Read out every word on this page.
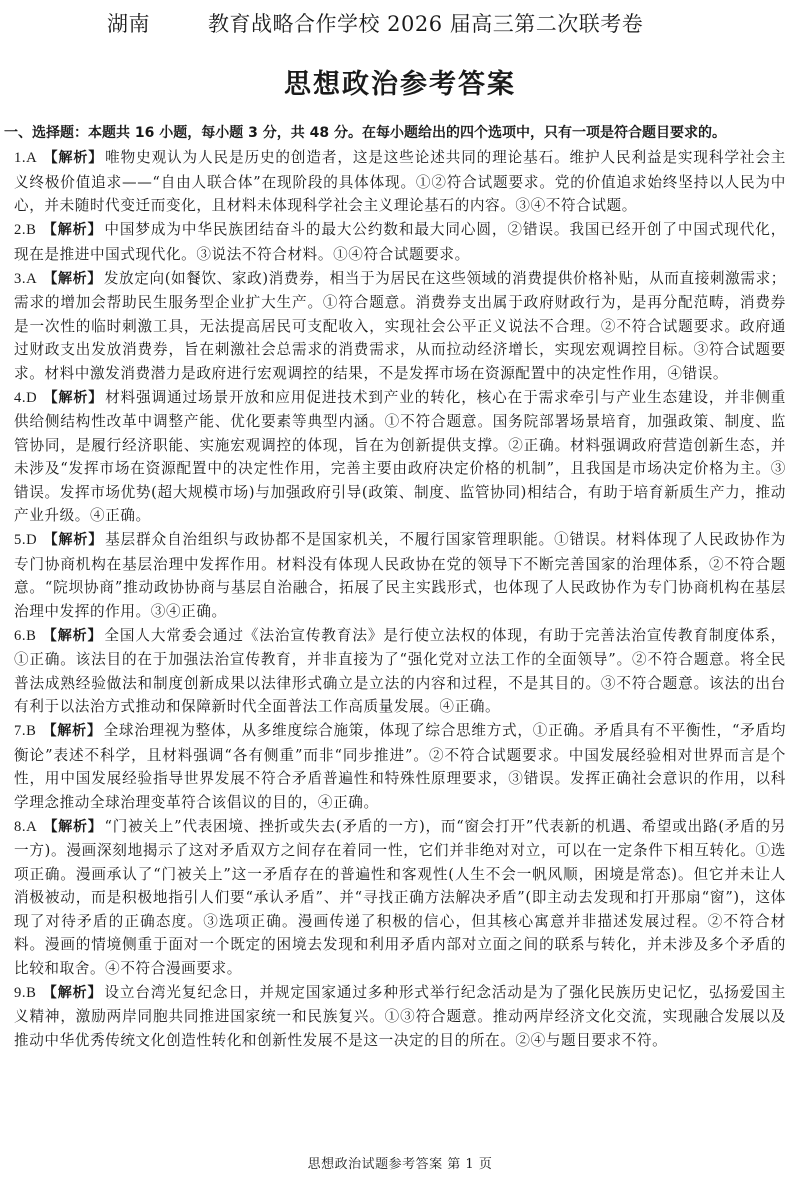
湖南	教育战略合作学校 2026 届高三第二次联考卷
思想政治参考答案
一、选择题：本题共 16 小题，每小题 3 分，共 48 分。在每小题给出的四个选项中，只有一项是符合题目要求的。

1.A 【解析】 唯物史观认为人民是历史的创造者，这是这些论述共同的理论基石。维护人民利益是实现科学社会主义终极价值追求——“自由人联合体”在现阶段的具体体现。①②符合试题要求。党的价值追求始终坚持以人民为中心，并未随时代变迁而变化，且材料未体现科学社会主义理论基石的内容。③④不符合试题。

2.B 【解析】 中国梦成为中华民族团结奋斗的最大公约数和最大同心圆，②错误。我国已经开创了中国式现代化，现在是推进中国式现代化。③说法不符合材料。①④符合试题要求。

3.A 【解析】 发放定向(如餐饮、家政)消费券，相当于为居民在这些领域的消费提供价格补贴，从而直接刺激需求；需求的增加会帮助民生服务型企业扩大生产。①符合题意。消费券支出属于政府财政行为，是再分配范畴，消费券是一次性的临时刺激工具，无法提高居民可支配收入，实现社会公平正义说法不合理。②不符合试题要求。政府通过财政支出发放消费券，旨在刺激社会总需求的消费需求，从而拉动经济增长，实现宏观调控目标。③符合试题要求。材料中激发消费潜力是政府进行宏观调控的结果，不是发挥市场在资源配置中的决定性作用，④错误。

4.D 【解析】 材料强调通过场景开放和应用促进技术到产业的转化，核心在于需求牵引与产业生态建设，并非侧重供给侧结构性改革中调整产能、优化要素等典型内涵。①不符合题意。国务院部署场景培育，加强政策、制度、监管协同，是履行经济职能、实施宏观调控的体现，旨在为创新提供支撑。②正确。材料强调政府营造创新生态，并未涉及“发挥市场在资源配置中的决定性作用，完善主要由政府决定价格的机制”，且我国是市场决定价格为主。③错误。发挥市场优势(超大规模市场)与加强政府引导(政策、制度、监管协同)相结合，有助于培育新质生产力，推动产业升级。④正确。

5.D 【解析】 基层群众自治组织与政协都不是国家机关，不履行国家管理职能。①错误。材料体现了人民政协作为专门协商机构在基层治理中发挥作用。材料没有体现人民政协在党的领导下不断完善国家的治理体系，②不符合题意。“院坝协商”推动政协协商与基层自治融合，拓展了民主实践形式，也体现了人民政协作为专门协商机构在基层治理中发挥的作用。③④正确。

6.B 【解析】 全国人大常委会通过《法治宣传教育法》是行使立法权的体现，有助于完善法治宣传教育制度体系，①正确。该法目的在于加强法治宣传教育，并非直接为了“强化党对立法工作的全面领导”。②不符合题意。将全民普法成熟经验做法和制度创新成果以法律形式确立是立法的内容和过程，不是其目的。③不符合题意。该法的出台有利于以法治方式推动和保障新时代全面普法工作高质量发展。④正确。

7.B 【解析】 全球治理视为整体，从多维度综合施策，体现了综合思维方式，①正确。矛盾具有不平衡性，“矛盾均衡论”表述不科学，且材料强调“各有侧重”而非“同步推进”。②不符合试题要求。中国发展经验相对世界而言是个性，用中国发展经验指导世界发展不符合矛盾普遍性和特殊性原理要求，③错误。发挥正确社会意识的作用，以科学理念推动全球治理变革符合该倡议的目的，④正确。

8.A 【解析】 “门被关上”代表困境、挫折或失去(矛盾的一方)，而“窗会打开”代表新的机遇、希望或出路(矛盾的另一方)。漫画深刻地揭示了这对矛盾双方之间存在着同一性，它们并非绝对对立，可以在一定条件下相互转化。①选项正确。漫画承认了“门被关上”这一矛盾存在的普遍性和客观性(人生不会一帆风顺，困境是常态)。但它并未让人消极被动，而是积极地指引人们要“承认矛盾”、并“寻找正确方法解决矛盾”(即主动去发现和打开那扇“窗”)，这体现了对待矛盾的正确态度。③选项正确。漫画传递了积极的信心，但其核心寓意并非描述发展过程。②不符合材料。漫画的情境侧重于面对一个既定的困境去发现和利用矛盾内部对立面之间的联系与转化，并未涉及多个矛盾的比较和取舍。④不符合漫画要求。

9.B 【解析】 设立台湾光复纪念日，并规定国家通过多种形式举行纪念活动是为了强化民族历史记忆，弘扬爱国主义精神，激励两岸同胞共同推进国家统一和民族复兴。①③符合题意。推动两岸经济文化交流，实现融合发展以及推动中华优秀传统文化创造性转化和创新性发展不是这一决定的目的所在。②④与题目要求不符。

思想政治试题参考答案 第 1 页
